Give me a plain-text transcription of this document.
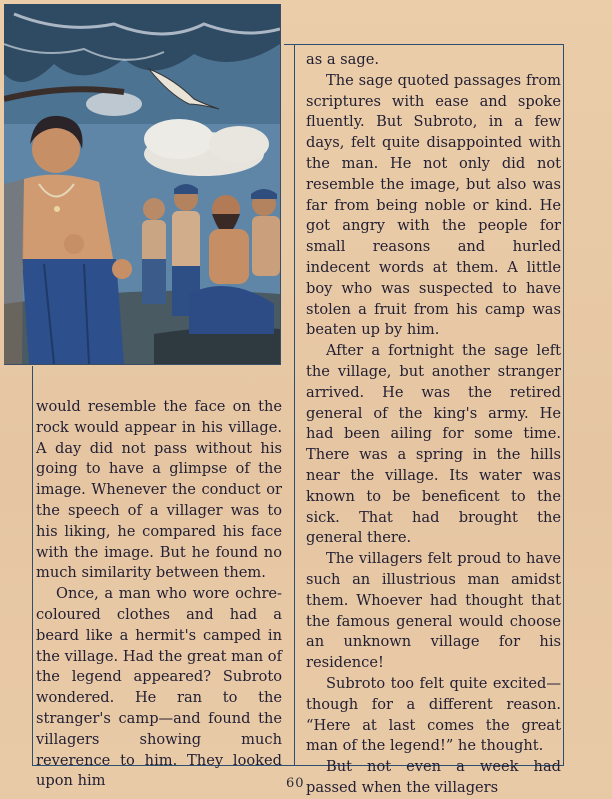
would resemble the face on the rock would appear in his village. A day did not pass without his going to have a glimpse of the image. Whenever the conduct or the speech of a villager was to his liking, he compared his face with the image. But he found no much similarity between them.

Once, a man who wore ochre-coloured clothes and had a beard like a hermit's camped in the village. Had the great man of the legend appeared? Subroto wondered. He ran to the stranger's camp—and found the villagers showing much reverence to him. They looked upon him

as a sage.

The sage quoted passages from scriptures with ease and spoke fluently. But Subroto, in a few days, felt quite disappointed with the man. He not only did not resemble the image, but also was far from being noble or kind. He got angry with the people for small reasons and hurled indecent words at them. A little boy who was suspected to have stolen a fruit from his camp was beaten up by him.

After a fortnight the sage left the village, but another stranger arrived. He was the retired general of the king's army. He had been ailing for some time. There was a spring in the hills near the village. Its water was known to be beneficent to the sick. That had brought the general there.

The villagers felt proud to have such an illustrious man amidst them. Whoever had thought that the famous general would choose an unknown village for his residence!

Subroto too felt quite excited—though for a different reason. “Here at last comes the great man of the legend!” he thought.

But not even a week had passed when the villagers

60
